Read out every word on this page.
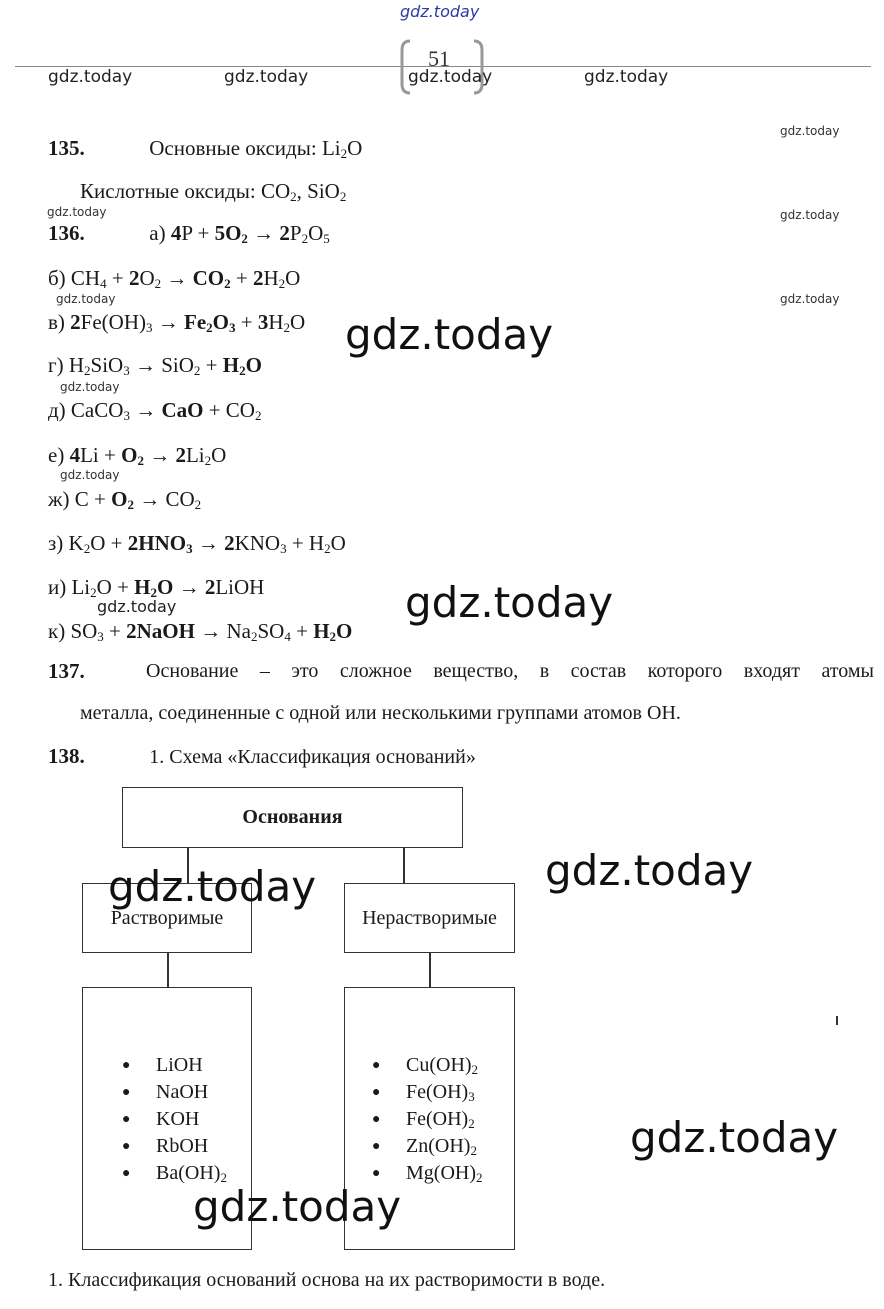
gdz.today
51
gdz.today	gdz.today	gdz.today	gdz.today
gdz.today
gdz.today	gdz.today
gdz.today	gdz.today
gdz.today
gdz.today
gdz.today
135.	Основные оксиды: $Li_2O$
Кислотные оксиды: $CO_2$, SiO$_2$
136.	а) $4P + 5O_2 \to 2P_2O_5$
б) $CH_4 + 2O_2 \to CO_2 + 2H_2O$
в) $2Fe(OH)_3 \to Fe_2O_3 + 3H_2O$
г) $H_2SiO_3 \to SiO_2 + H_2O$
д) CaCO$_3$ → CaO + $CO_2$
е) $4Li + O_2 \to 2Li_2O$
ж) $C + O_2 \to CO_2$
з) $K_2O + 2HNO_3 \to 2KNO_3 + H_2O$
и) $Li_2O + H_2O$ → 2LiOH
к) $SO_3$ + 2NaOH → $Na_2SO_4 + H_2O$
gdz.today
gdz.today
137.	Основание – это сложное вещество, в состав которого входят атомы
металла, соединенные с одной или несколькими группами атомов OH.
138.	1. Схема «Классификация оснований»
Основания
Растворимые	Нерастворимые
●	LiOH
●	NaOH
●	KOH
●	RbOH
●	$Ba(OH)_2$
●	$Cu(OH)_2$
●	$Fe(OH)_3$
●	$Fe(OH)_2$
●	$Zn(OH)_2$
●	$Mg(OH)_2$
gdz.today	gdz.today
gdz.today
gdz.today
1. Классификация оснований основа на их растворимости в воде.
